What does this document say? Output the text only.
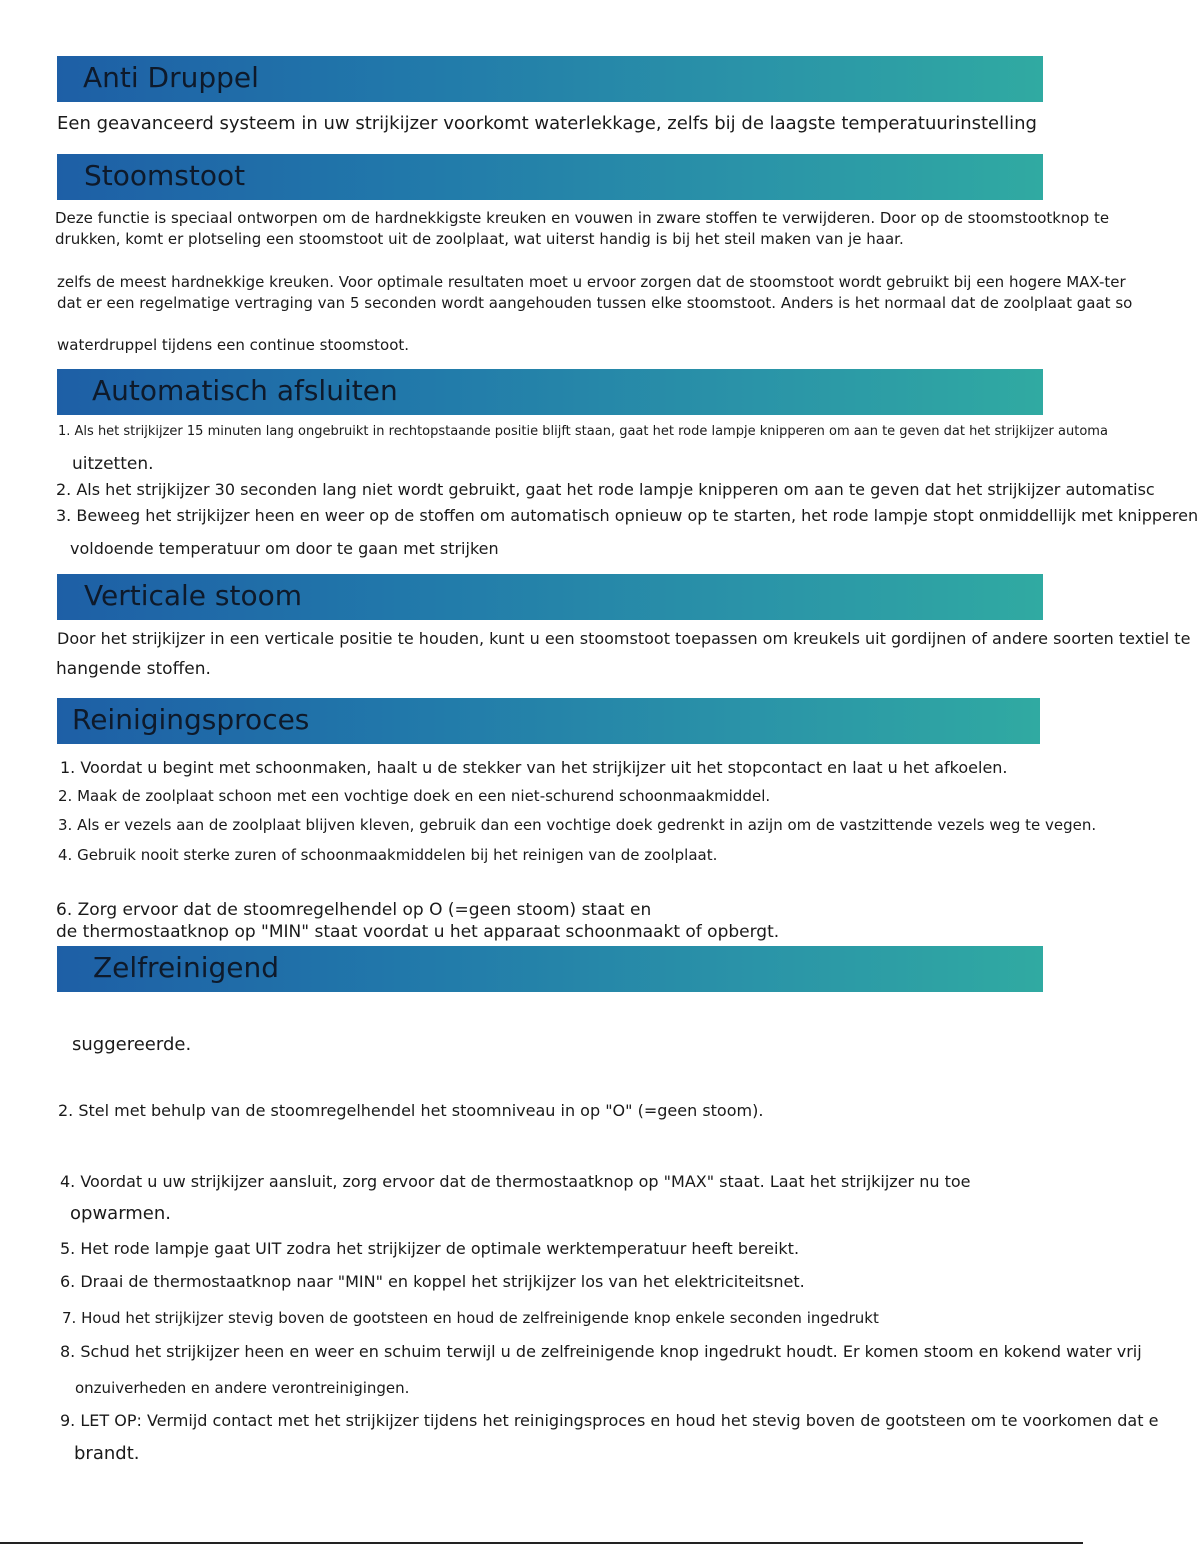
Anti Druppel

Een geavanceerd systeem in uw strijkijzer voorkomt waterlekkage, zelfs bij de laagste temperatuurinstelling

Stoomstoot

Deze functie is speciaal ontworpen om de hardnekkigste kreuken en vouwen in zware stoffen te verwijderen. Door op de stoomstootknop te

drukken, komt er plotseling een stoomstoot uit de zoolplaat, wat uiterst handig is bij het steil maken van je haar.

zelfs de meest hardnekkige kreuken. Voor optimale resultaten moet u ervoor zorgen dat de stoomstoot wordt gebruikt bij een hogere MAX-ter

dat er een regelmatige vertraging van 5 seconden wordt aangehouden tussen elke stoomstoot. Anders is het normaal dat de zoolplaat gaat so

waterdruppel tijdens een continue stoomstoot.

Automatisch afsluiten

1. Als het strijkijzer 15 minuten lang ongebruikt in rechtopstaande positie blijft staan, gaat het rode lampje knipperen om aan te geven dat het strijkijzer automa

uitzetten.

2. Als het strijkijzer 30 seconden lang niet wordt gebruikt, gaat het rode lampje knipperen om aan te geven dat het strijkijzer automatisc

3. Beweeg het strijkijzer heen en weer op de stoffen om automatisch opnieuw op te starten, het rode lampje stopt onmiddellijk met knipperen

voldoende temperatuur om door te gaan met strijken

Verticale stoom

Door het strijkijzer in een verticale positie te houden, kunt u een stoomstoot toepassen om kreukels uit gordijnen of andere soorten textiel te

hangende stoffen.

Reinigingsproces

1. Voordat u begint met schoonmaken, haalt u de stekker van het strijkijzer uit het stopcontact en laat u het afkoelen.

2. Maak de zoolplaat schoon met een vochtige doek en een niet-schurend schoonmaakmiddel.

3. Als er vezels aan de zoolplaat blijven kleven, gebruik dan een vochtige doek gedrenkt in azijn om de vastzittende vezels weg te vegen.

4. Gebruik nooit sterke zuren of schoonmaakmiddelen bij het reinigen van de zoolplaat.

6. Zorg ervoor dat de stoomregelhendel op O (=geen stoom) staat en

de thermostaatknop op "MIN" staat voordat u het apparaat schoonmaakt of opbergt.

Zelfreinigend

suggereerde.

2. Stel met behulp van de stoomregelhendel het stoomniveau in op "O" (=geen stoom).

4. Voordat u uw strijkijzer aansluit, zorg ervoor dat de thermostaatknop op "MAX" staat. Laat het strijkijzer nu toe

opwarmen.

5. Het rode lampje gaat UIT zodra het strijkijzer de optimale werktemperatuur heeft bereikt.

6. Draai de thermostaatknop naar "MIN" en koppel het strijkijzer los van het elektriciteitsnet.

7. Houd het strijkijzer stevig boven de gootsteen en houd de zelfreinigende knop enkele seconden ingedrukt

8. Schud het strijkijzer heen en weer en schuim terwijl u de zelfreinigende knop ingedrukt houdt. Er komen stoom en kokend water vrij

onzuiverheden en andere verontreinigingen.

9. LET OP: Vermijd contact met het strijkijzer tijdens het reinigingsproces en houd het stevig boven de gootsteen om te voorkomen dat e

brandt.
